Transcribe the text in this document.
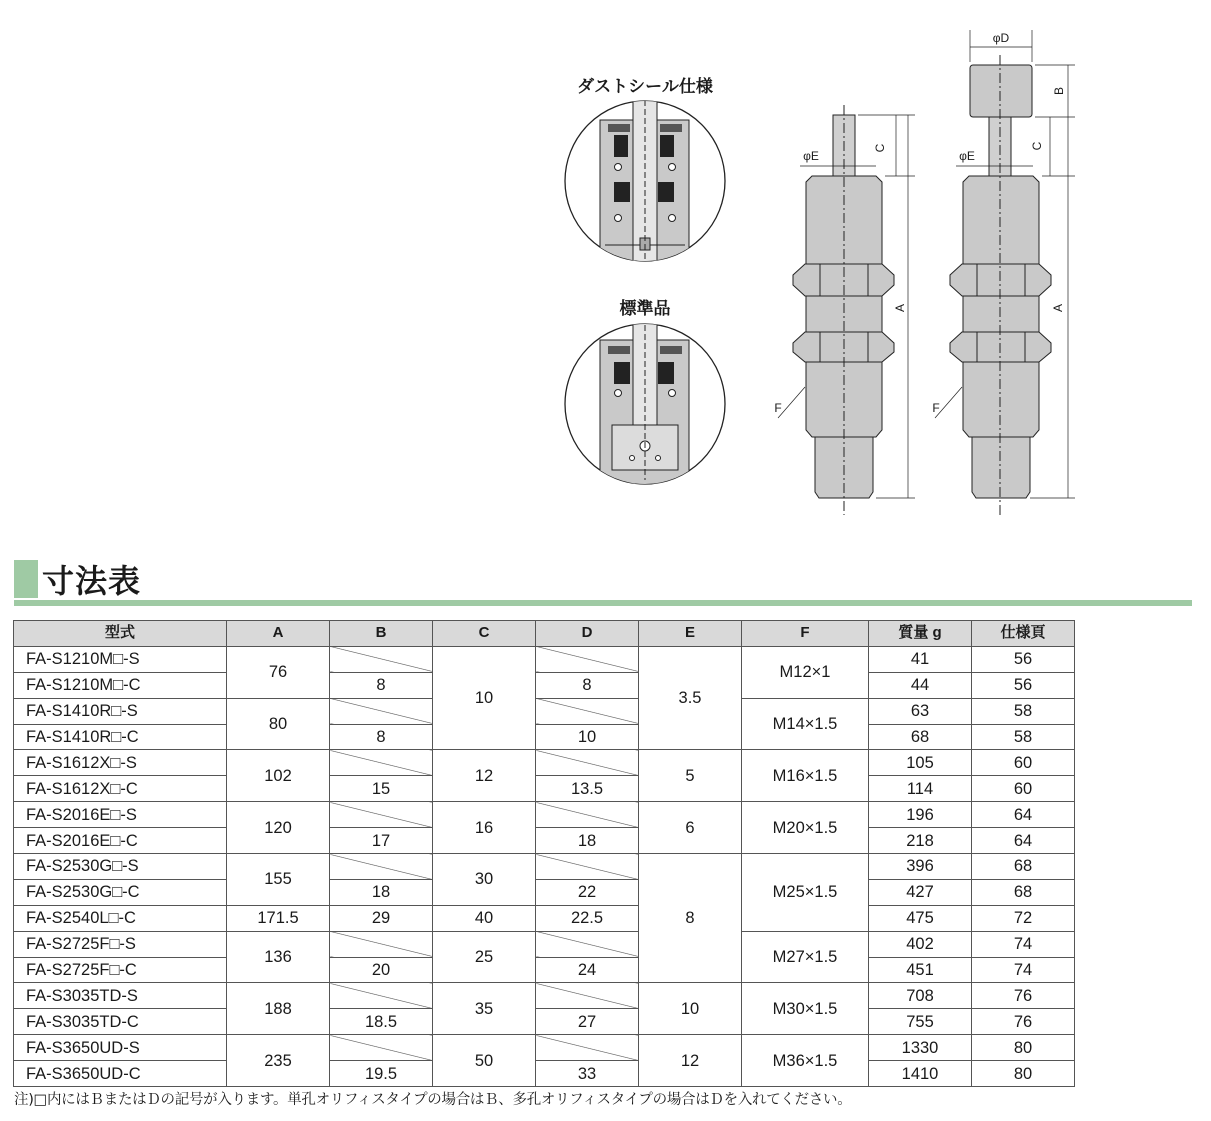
ダストシール仕様
標準品
C
A
φE
F
φD
B
C
A
φE
F
寸法表
型式	A	B	C	D	E	F	質量 g	仕様頁
FA-S1210M□-S	76		10		3.5	M12×1	41	56
FA-S1210M□-C		8		8			44	56
FA-S1410R□-S	80					M14×1.5	63	58
FA-S1410R□-C		8		10			68	58
FA-S1612X□-S	102		12		5	M16×1.5	105	60
FA-S1612X□-C		15		13.5			114	60
FA-S2016E□-S	120		16		6	M20×1.5	196	64
FA-S2016E□-C		17		18			218	64
FA-S2530G□-S	155		30		8	M25×1.5	396	68
FA-S2530G□-C		18		22			427	68
FA-S2540L□-C	171.5	29	40	22.5			475	72
FA-S2725F□-S	136		25			M27×1.5	402	74
FA-S2725F□-C		20		24			451	74
FA-S3035TD-S	188		35		10	M30×1.5	708	76
FA-S3035TD-C		18.5		27			755	76
FA-S3650UD-S	235		50		12	M36×1.5	1330	80
FA-S3650UD-C		19.5		33			1410	80
注)□内にはＢまたはＤの記号が入ります。単孔オリフィスタイプの場合はＢ、多孔オリフィスタイプの場合はＤを入れてください。
